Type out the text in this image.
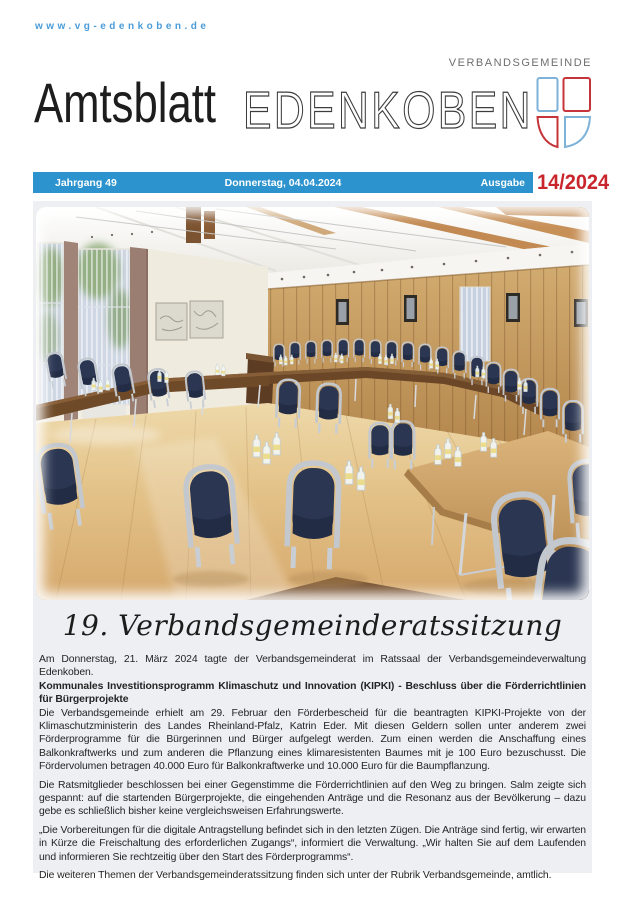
www.vg-edenkoben.de
Amtsblatt EDENKOBEN
VERBANDSGEMEINDE
Donnerstag, 04.04.2024
Jahrgang 49	Ausgabe 14/2024
19. Verbandsgemeinderatssitzung

Am Donnerstag, 21. März 2024 tagte der Verbandsgemeinderat im Ratssaal der Verbandsgemeindeverwaltung Edenkoben.

Kommunales Investitionsprogramm Klimaschutz und Innovation (KIPKI) - Beschluss über die Förderrichtlinien für Bürgerprojekte

Die Verbandsgemeinde erhielt am 29. Februar den Förderbescheid für die beantragten KIPKI-Projekte von der Klimaschutzministerin des Landes Rheinland-Pfalz, Katrin Eder. Mit diesen Geldern sollen unter anderem zwei Förderprogramme für die Bürgerinnen und Bürger aufgelegt werden. Zum einen werden die Anschaffung eines Balkonkraftwerks und zum anderen die Pflanzung eines klimaresistenten Baumes mit je 100 Euro bezuschusst. Die Fördervolumen betragen 40.000 Euro für Balkonkraftwerke und 10.000 Euro für die Baumpflanzung.

Die Ratsmitglieder beschlossen bei einer Gegenstimme die Förderrichtlinien auf den Weg zu bringen. Salm zeigte sich gespannt: auf die startenden Bürgerprojekte, die eingehenden Anträge und die Resonanz aus der Bevölkerung – dazu gebe es schließlich bisher keine vergleichsweisen Erfahrungswerte.

„Die Vorbereitungen für die digitale Antragstellung befindet sich in den letzten Zügen. Die Anträge sind fertig, wir erwarten in Kürze die Freischaltung des erforderlichen Zugangs“, informiert die Verwaltung. „Wir halten Sie auf dem Laufenden und informieren Sie rechtzeitig über den Start des Förderprogramms“.

Die weiteren Themen der Verbandsgemeinderatssitzung finden sich unter der Rubrik Verbandsgemeinde, amtlich.
